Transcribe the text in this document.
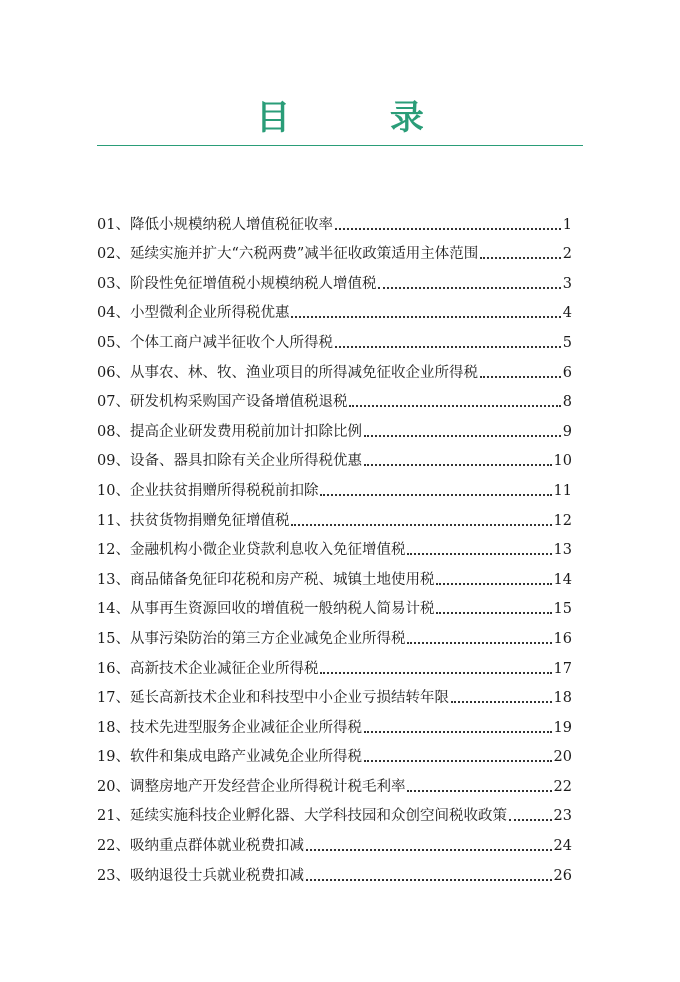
目 录
01、降低小规模纳税人增值税征收率	1
02、延续实施并扩大“六税两费”减半征收政策适用主体范围	2
03、阶段性免征增值税小规模纳税人增值税	3
04、小型微利企业所得税优惠	4
05、个体工商户减半征收个人所得税	5
06、从事农、林、牧、渔业项目的所得减免征收企业所得税	6
07、研发机构采购国产设备增值税退税	8
08、提高企业研发费用税前加计扣除比例	9
09、设备、器具扣除有关企业所得税优惠	10
10、企业扶贫捐赠所得税税前扣除	11
11、扶贫货物捐赠免征增值税	12
12、金融机构小微企业贷款利息收入免征增值税	13
13、商品储备免征印花税和房产税、城镇土地使用税	14
14、从事再生资源回收的增值税一般纳税人简易计税	15
15、从事污染防治的第三方企业减免企业所得税	16
16、高新技术企业减征企业所得税	17
17、延长高新技术企业和科技型中小企业亏损结转年限	18
18、技术先进型服务企业减征企业所得税	19
19、软件和集成电路产业减免企业所得税	20
20、调整房地产开发经营企业所得税计税毛利率	22
21、延续实施科技企业孵化器、大学科技园和众创空间税收政策	23
22、吸纳重点群体就业税费扣减	24
23、吸纳退役士兵就业税费扣减	26
